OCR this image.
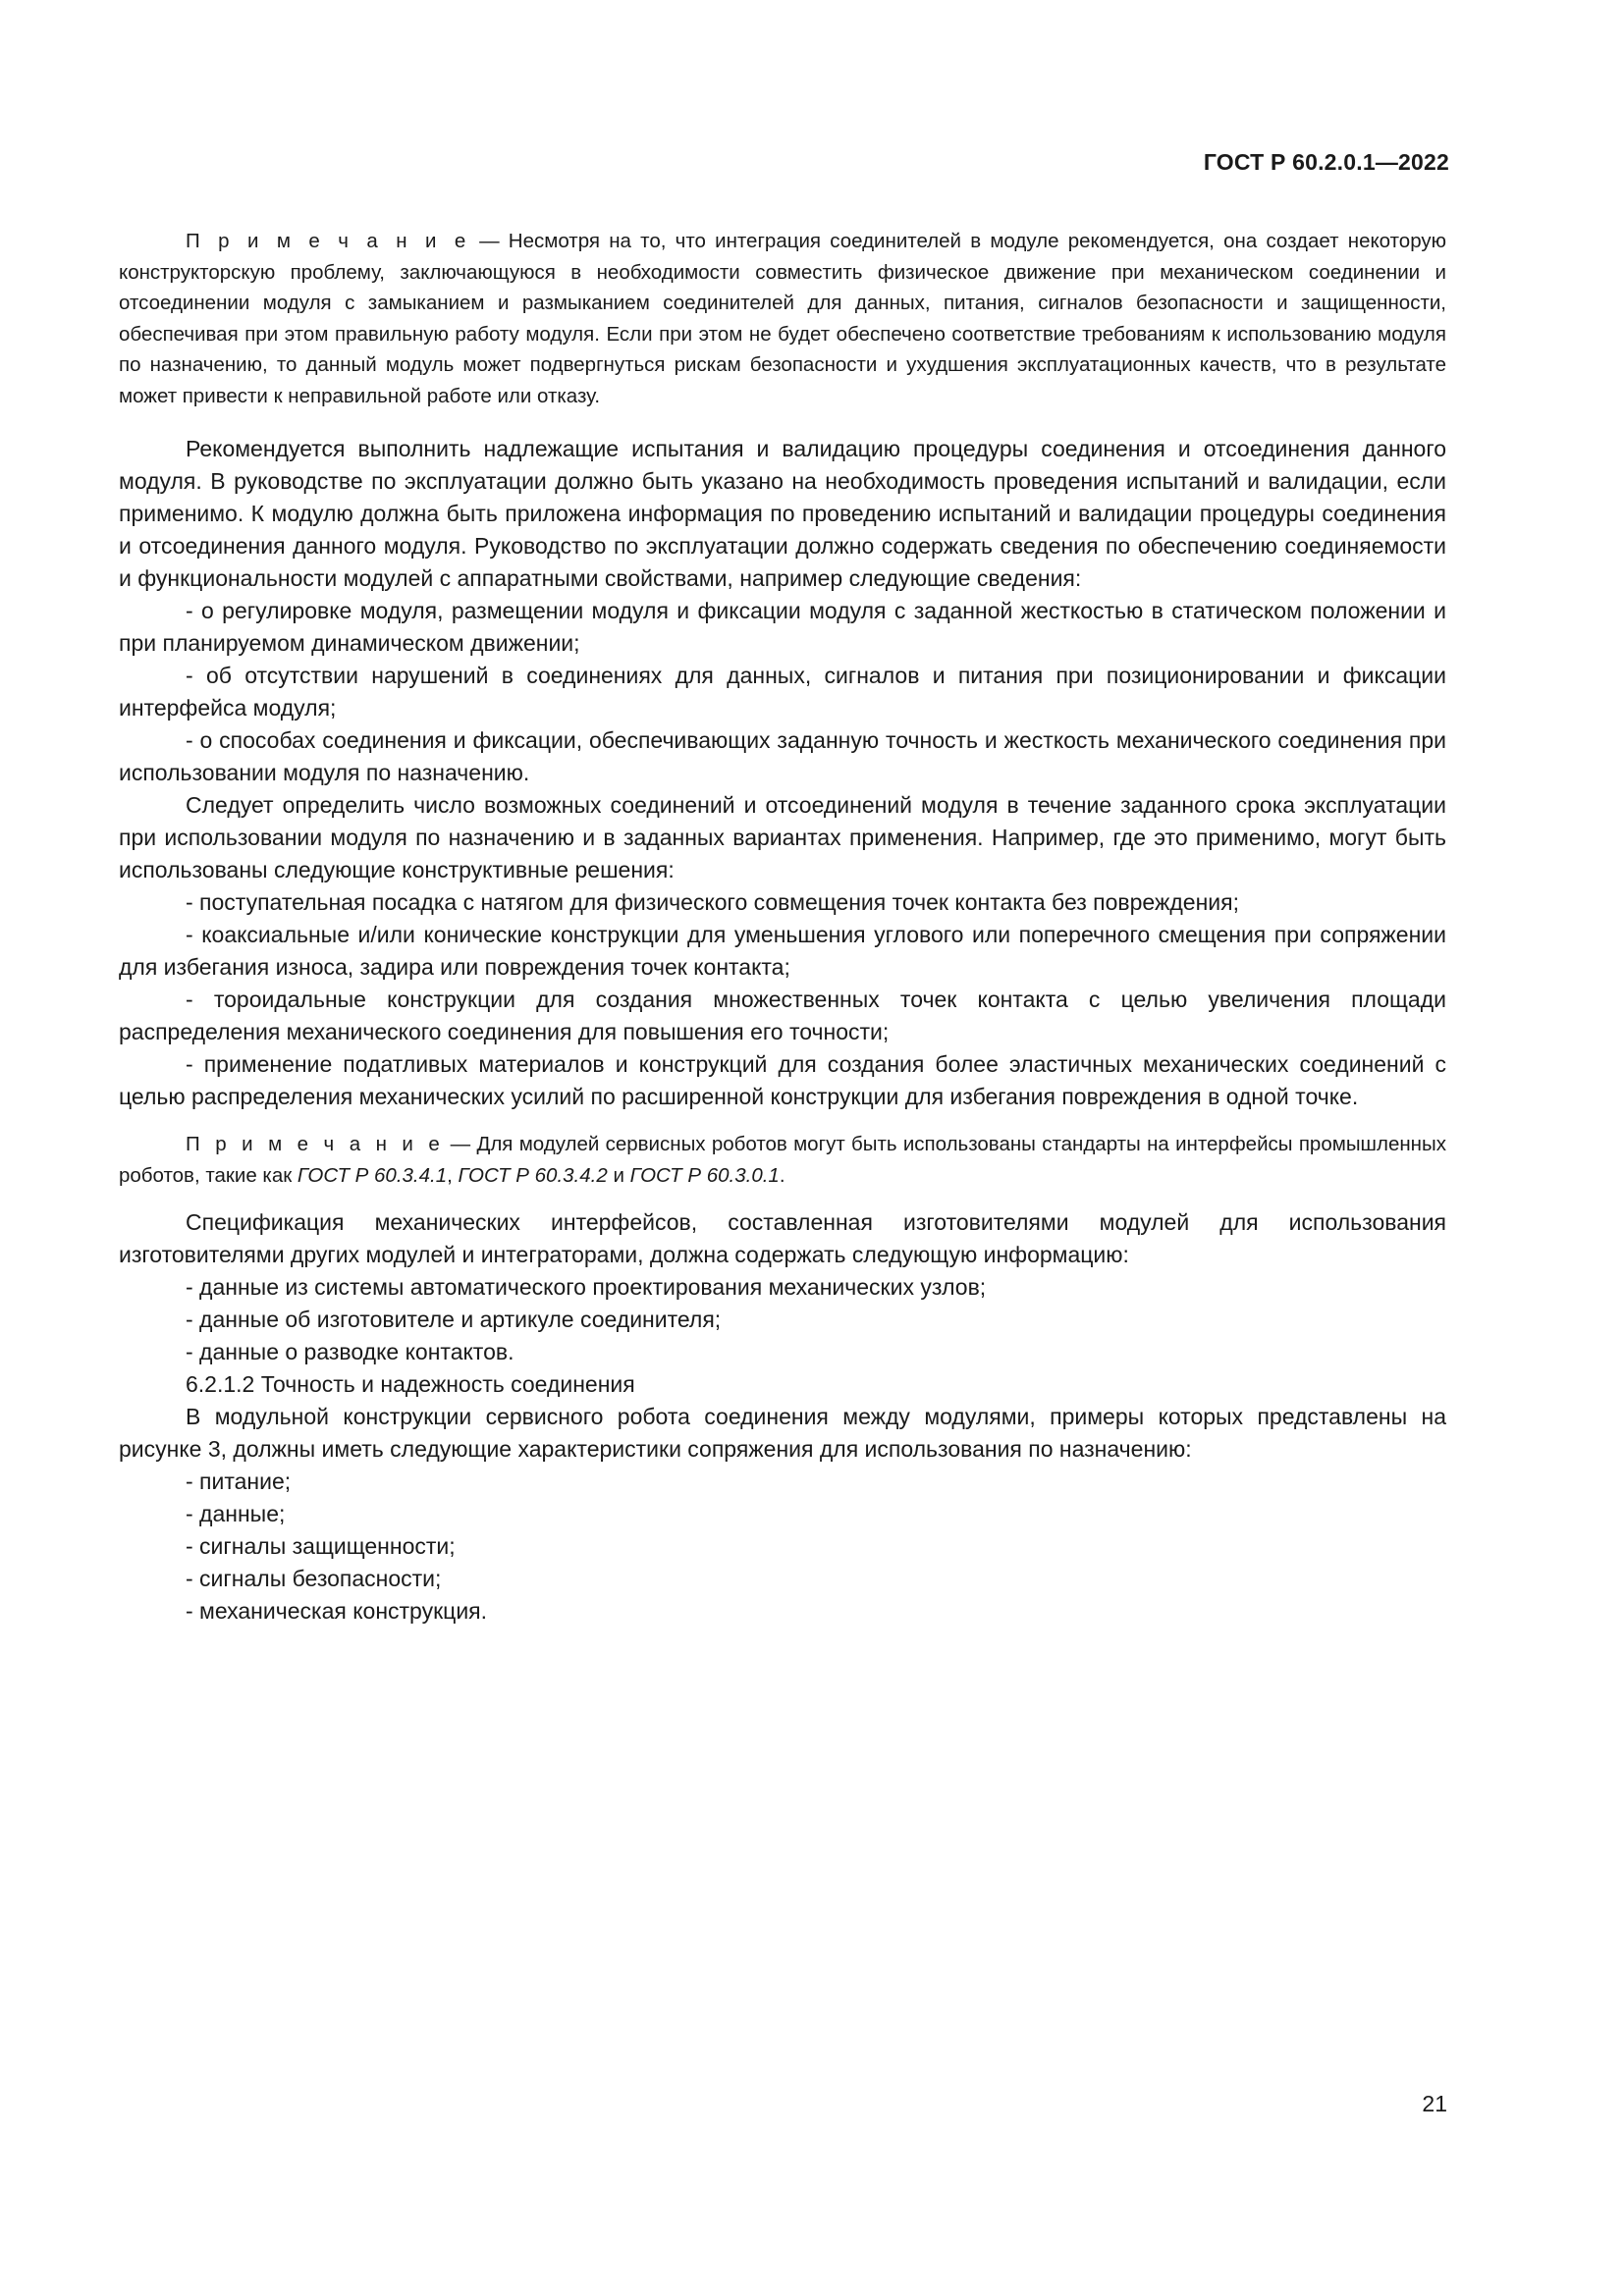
ГОСТ Р 60.2.0.1—2022

П р и м е ч а н и е — Несмотря на то, что интеграция соединителей в модуле рекомендуется, она создает некоторую конструкторскую проблему, заключающуюся в необходимости совместить физическое движение при механическом соединении и отсоединении модуля с замыканием и размыканием соединителей для данных, питания, сигналов безопасности и защищенности, обеспечивая при этом правильную работу модуля. Если при этом не будет обеспечено соответствие требованиям к использованию модуля по назначению, то данный модуль может подвергнуться рискам безопасности и ухудшения эксплуатационных качеств, что в результате может привести к неправильной работе или отказу.

Рекомендуется выполнить надлежащие испытания и валидацию процедуры соединения и отсоединения данного модуля. В руководстве по эксплуатации должно быть указано на необходимость проведения испытаний и валидации, если применимо. К модулю должна быть приложена информация по проведению испытаний и валидации процедуры соединения и отсоединения данного модуля. Руководство по эксплуатации должно содержать сведения по обеспечению соединяемости и функциональности модулей с аппаратными свойствами, например следующие сведения:

- о регулировке модуля, размещении модуля и фиксации модуля с заданной жесткостью в статическом положении и при планируемом динамическом движении;

- об отсутствии нарушений в соединениях для данных, сигналов и питания при позиционировании и фиксации интерфейса модуля;

- о способах соединения и фиксации, обеспечивающих заданную точность и жесткость механического соединения при использовании модуля по назначению.

Следует определить число возможных соединений и отсоединений модуля в течение заданного срока эксплуатации при использовании модуля по назначению и в заданных вариантах применения. Например, где это применимо, могут быть использованы следующие конструктивные решения:

- поступательная посадка с натягом для физического совмещения точек контакта без повреждения;

- коаксиальные и/или конические конструкции для уменьшения углового или поперечного смещения при сопряжении для избегания износа, задира или повреждения точек контакта;

- тороидальные конструкции для создания множественных точек контакта с целью увеличения площади распределения механического соединения для повышения его точности;

- применение податливых материалов и конструкций для создания более эластичных механических соединений с целью распределения механических усилий по расширенной конструкции для избегания повреждения в одной точке.

П р и м е ч а н и е — Для модулей сервисных роботов могут быть использованы стандарты на интерфейсы промышленных роботов, такие как ГОСТ Р 60.3.4.1, ГОСТ Р 60.3.4.2 и ГОСТ Р 60.3.0.1.

Спецификация механических интерфейсов, составленная изготовителями модулей для использования изготовителями других модулей и интеграторами, должна содержать следующую информацию:

- данные из системы автоматического проектирования механических узлов;

- данные об изготовителе и артикуле соединителя;

- данные о разводке контактов.

6.2.1.2 Точность и надежность соединения

В модульной конструкции сервисного робота соединения между модулями, примеры которых представлены на рисунке 3, должны иметь следующие характеристики сопряжения для использования по назначению:

- питание;

- данные;

- сигналы защищенности;

- сигналы безопасности;

- механическая конструкция.

21
